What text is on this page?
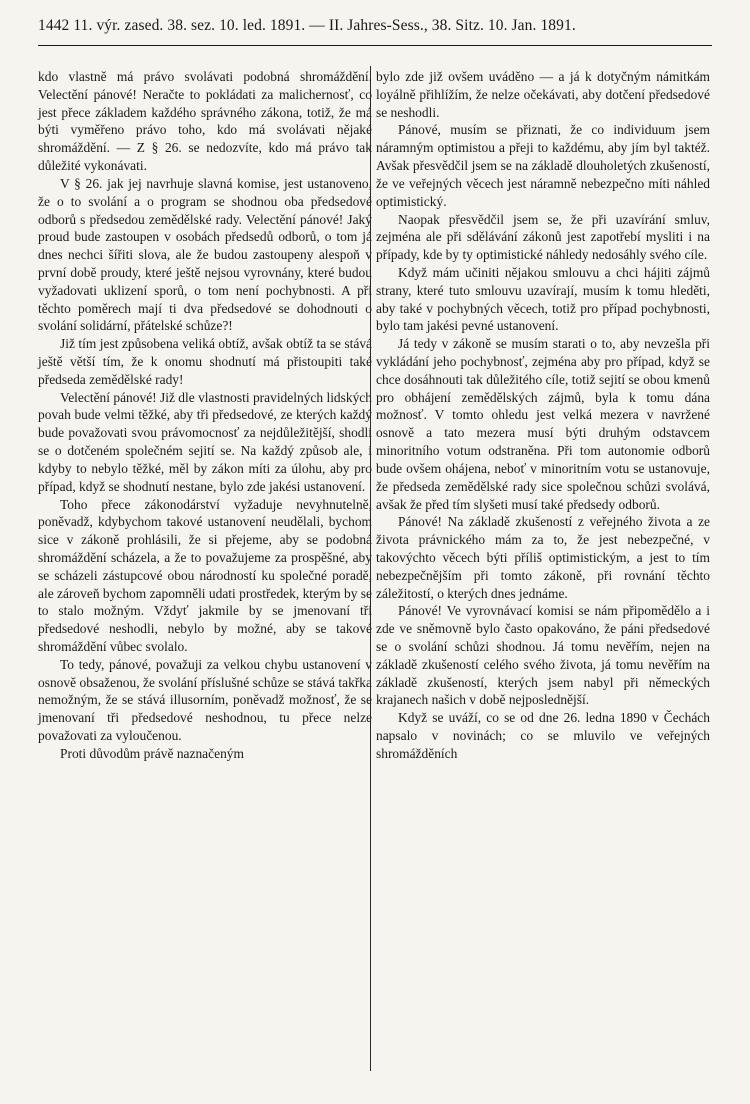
1442 11. výr. zased. 38. sez. 10. led. 1891. — II. Jahres-Sess., 38. Sitz. 10. Jan. 1891.

kdo vlastně má právo svolávati podobná shromáždění. Velectění pánové! Neračte to pokládati za malichernosť, co jest přece základem každého správného zákona, totiž, že má býti vyměřeno právo toho, kdo má svolávati nějaké shromáždění. — Z § 26. se nedozvíte, kdo má právo tak důležité vykonávati.

V § 26. jak jej navrhuje slavná komise, jest ustanoveno, že o to svolání a o program se shodnou oba předsedové odborů s předsedou zemědělské rady. Velectění pánové! Jaký proud bude zastoupen v osobách předsedů odborů, o tom já dnes nechci šířiti slova, ale že budou zastoupeny alespoň v první době proudy, které ještě nejsou vyrovnány, které budou vyžadovati uklizení sporů, o tom není pochybnosti. A při těchto poměrech mají ti dva předsedové se dohodnouti o svolání solidární, přátelské schůze?!

Již tím jest způsobena veliká obtíž, avšak obtíž ta se stává ještě větší tím, že k onomu shodnutí má přistoupiti také předseda zemědělské rady!

Velectění pánové! Již dle vlastnosti pravidelných lidských povah bude velmi těžké, aby tři předsedové, ze kterých každý bude považovati svou právomocnosť za nejdůležitější, shodli se o dotčeném společném sejití se. Na každý způsob ale, i kdyby to nebylo těžké, měl by zákon míti za úlohu, aby pro případ, když se shodnutí nestane, bylo zde jakési ustanovení.

Toho přece zákonodárství vyžaduje nevyhnutelně, poněvadž, kdybychom takové ustanovení neudělali, bychom sice v zákoně prohlásili, že si přejeme, aby se podobná shromáždění scházela, a že to považujeme za prospěšné, aby se scházeli zástupcové obou národností ku společné poradě, ale zároveň bychom zapomněli udati prostředek, kterým by se to stalo možným. Vždyť jakmile by se jmenovaní tři předsedové neshodli, nebylo by možné, aby se takové shromáždění vůbec svolalo.

To tedy, pánové, považuji za velkou chybu ustanovení v osnově obsaženou, že svolání příslušné schůze se stává takřka nemožným, že se stává illusorním, poněvadž možnosť, že se jmenovaní tři předsedové neshodnou, tu přece nelze považovati za vyloučenou.

Proti důvodům právě naznačeným

bylo zde již ovšem uváděno — a já k dotyčným námitkám loyálně přihlížím, že nelze očekávati, aby dotčení předsedové se neshodli.

Pánové, musím se přiznati, že co individuum jsem náramným optimistou a přeji to každému, aby jím byl taktéž. Avšak přesvědčil jsem se na základě dlouholetých zkušeností, že ve veřejných věcech jest náramně nebezpečno míti náhled optimistický.

Naopak přesvědčil jsem se, že při uzavírání smluv, zejména ale při sdělávání zákonů jest zapotřebí mysliti i na případy, kde by ty optimistické náhledy nedosáhly svého cíle.

Když mám učiniti nějakou smlouvu a chci hájiti zájmů strany, které tuto smlouvu uzavírají, musím k tomu hleděti, aby také v pochybných věcech, totiž pro případ pochybnosti, bylo tam jakési pevné ustanovení.

Já tedy v zákoně se musím starati o to, aby nevzešla při vykládání jeho pochybnosť, zejména aby pro případ, když se chce dosáhnouti tak důležitého cíle, totiž sejití se obou kmenů pro obhájení zemědělských zájmů, byla k tomu dána možnosť. V tomto ohledu jest velká mezera v navržené osnově a tato mezera musí býti druhým odstavcem minoritního votum odstraněna. Při tom autonomie odborů bude ovšem ohájena, neboť v minoritním votu se ustanovuje, že předseda zemědělské rady sice společnou schůzi svolává, avšak že před tím slyšeti musí také předsedy odborů.

Pánové! Na základě zkušeností z veřejného života a ze života právnického mám za to, že jest nebezpečné, v takovýchto věcech býti příliš optimistickým, a jest to tím nebezpečnějším při tomto zákoně, při rovnání těchto záležitostí, o kterých dnes jednáme.

Pánové! Ve vyrovnávací komisi se nám připomědělo a i zde ve sněmovně bylo často opakováno, že páni předsedové se o svolání schůzi shodnou. Já tomu nevěřím, nejen na základě zkušeností celého svého života, já tomu nevěřím na základě zkušeností, kterých jsem nabyl při německých krajanech našich v době nejposlednější.

Když se uváží, co se od dne 26. ledna 1890 v Čechách napsalo v novinách; co se mluvilo ve veřejných shromážděních
